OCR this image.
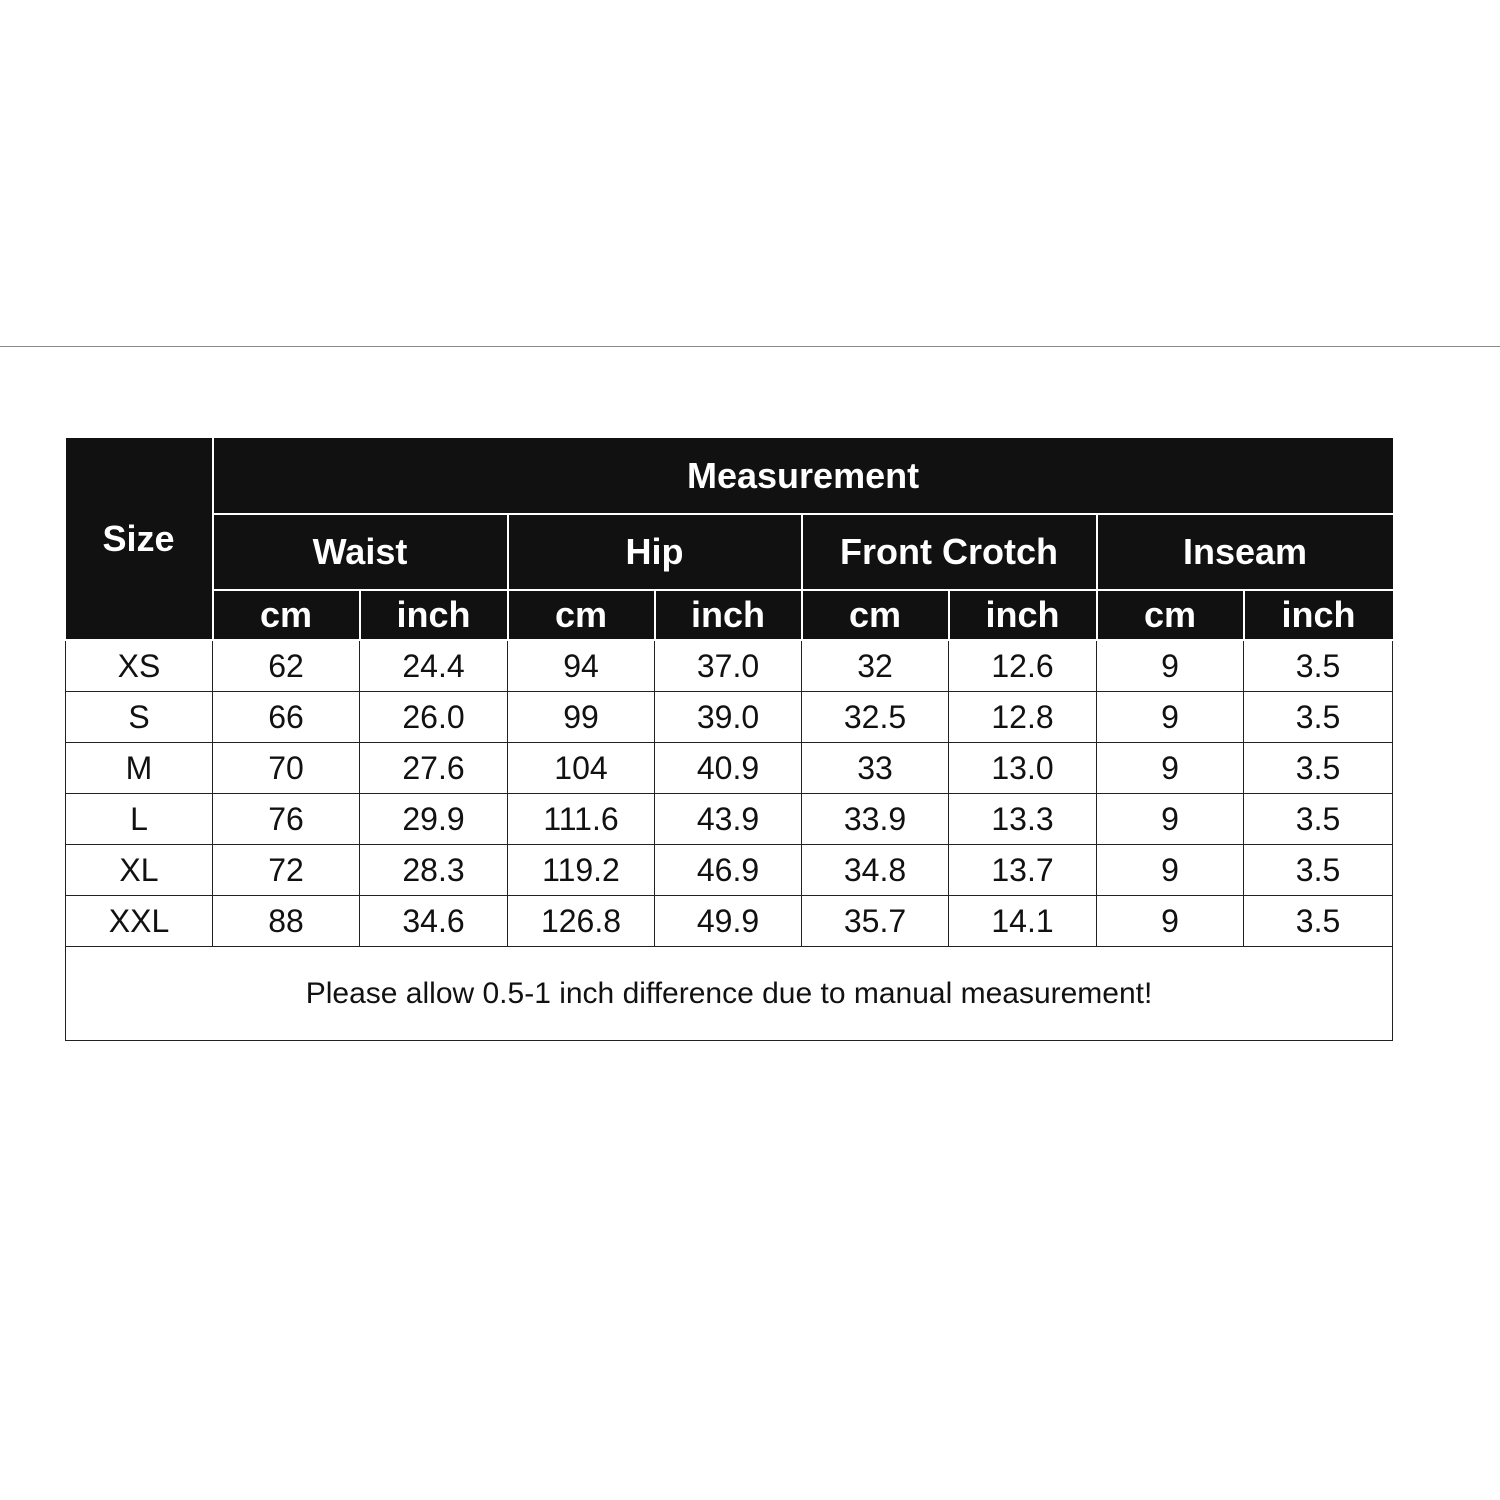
Size	Measurement							
	Waist		Hip		Front Crotch		Inseam	
	cm	inch	cm	inch	cm	inch	cm	inch
XS	62	24.4	94	37.0	32	12.6	9	3.5
S	66	26.0	99	39.0	32.5	12.8	9	3.5
M	70	27.6	104	40.9	33	13.0	9	3.5
L	76	29.9	111.6	43.9	33.9	13.3	9	3.5
XL	72	28.3	119.2	46.9	34.8	13.7	9	3.5
XXL	88	34.6	126.8	49.9	35.7	14.1	9	3.5
Please allow 0.5-1 inch difference due to manual measurement!								
